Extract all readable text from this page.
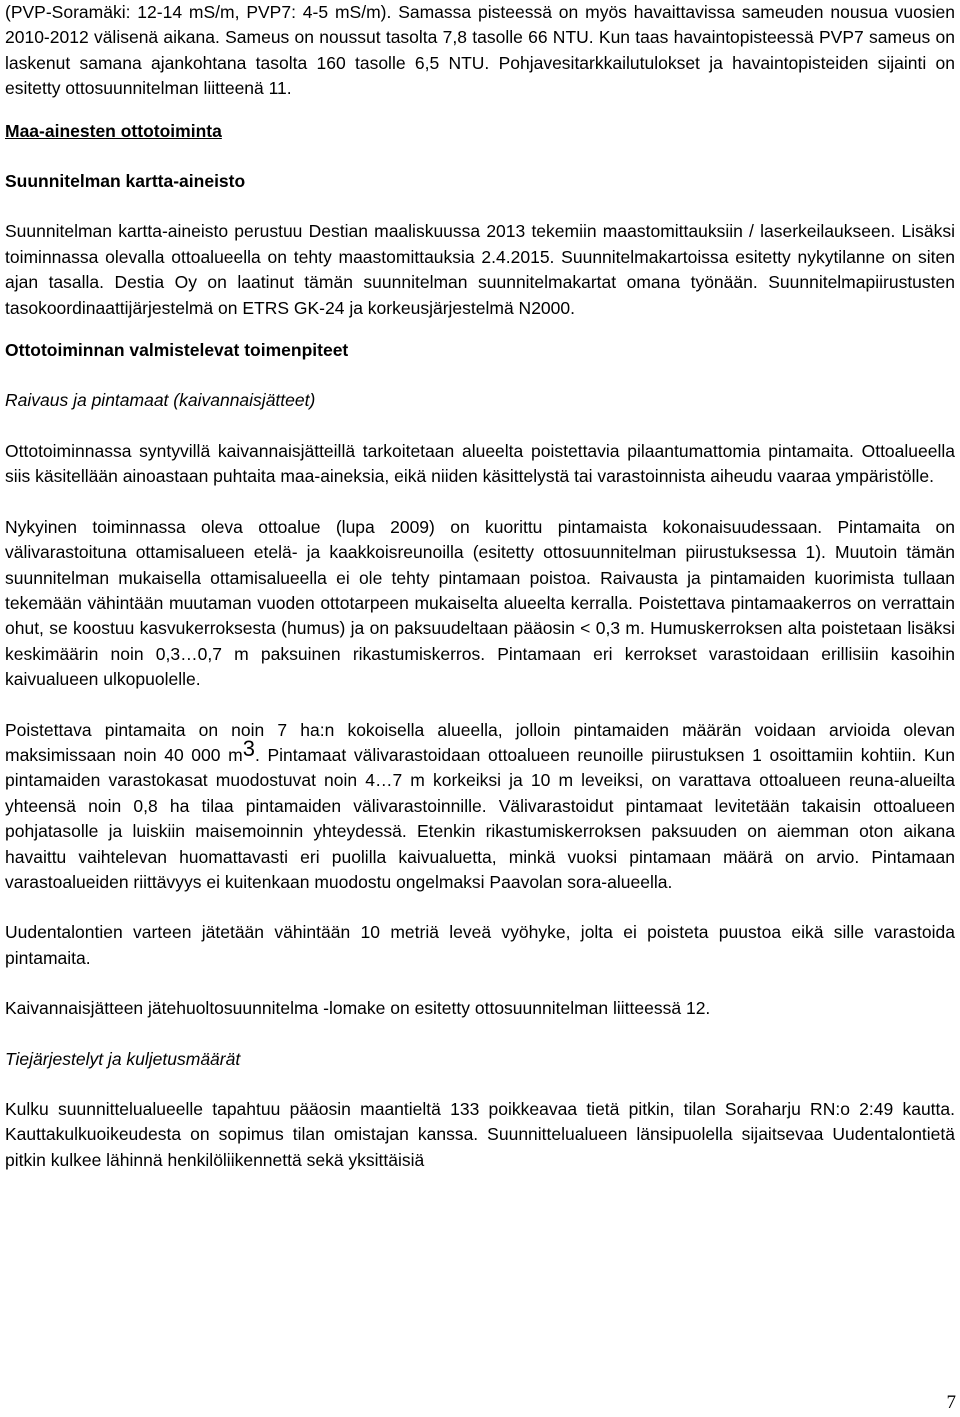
(PVP-Soramäki: 12-14 mS/m, PVP7: 4-5 mS/m). Samassa pisteessä on myös havaittavissa sameuden nousua vuosien 2010-2012 välisenä aikana. Sameus on noussut tasolta 7,8 tasolle 66 NTU. Kun taas havaintopisteessä PVP7 sameus on laskenut samana ajankohtana tasolta 160 tasolle 6,5 NTU. Pohjavesitarkkailutulokset ja havaintopisteiden sijainti on esitetty ottosuunnitelman liitteenä 11.

Maa-ainesten ottotoiminta

Suunnitelman kartta-aineisto

Suunnitelman kartta-aineisto perustuu Destian maaliskuussa 2013 tekemiin maastomittauksiin / laserkeilaukseen. Lisäksi toiminnassa olevalla ottoalueella on tehty maastomittauksia 2.4.2015. Suunnitelmakartoissa esitetty nykytilanne on siten ajan tasalla. Destia Oy on laatinut tämän suunnitelman suunnitelmakartat omana työnään. Suunnitelmapiirustusten tasokoordinaattijärjestelmä on ETRS GK-24 ja korkeusjärjestelmä N2000.

Ottotoiminnan valmistelevat toimenpiteet

Raivaus ja pintamaat (kaivannaisjätteet)

Ottotoiminnassa syntyvillä kaivannaisjätteillä tarkoitetaan alueelta poistettavia pilaantumattomia pintamaita. Ottoalueella siis käsitellään ainoastaan puhtaita maa-aineksia, eikä niiden käsittelystä tai varastoinnista aiheudu vaaraa ympäristölle.

Nykyinen toiminnassa oleva ottoalue (lupa 2009) on kuorittu pintamaista kokonaisuudessaan. Pintamaita on välivarastoituna ottamisalueen etelä- ja kaakkoisreunoilla (esitetty ottosuunnitelman piirustuksessa 1). Muutoin tämän suunnitelman mukaisella ottamisalueella ei ole tehty pintamaan poistoa. Raivausta ja pintamaiden kuorimista tullaan tekemään vähintään muutaman vuoden ottotarpeen mukaiselta alueelta kerralla. Poistettava pintamaakerros on verrattain ohut, se koostuu kasvukerroksesta (humus) ja on paksuudeltaan pääosin < 0,3 m. Humuskerroksen alta poistetaan lisäksi keskimäärin noin 0,3…0,7 m paksuinen rikastumiskerros. Pintamaan eri kerrokset varastoidaan erillisiin kasoihin kaivualueen ulkopuolelle.

Poistettava pintamaita on noin 7 ha:n kokoisella alueella, jolloin pintamaiden määrän voidaan arvioida olevan maksimissaan noin 40 000 m3. Pintamaat välivarastoidaan ottoalueen reunoille piirustuksen 1 osoittamiin kohtiin. Kun pintamaiden varastokasat muodostuvat noin 4…7 m korkeiksi ja 10 m leveiksi, on varattava ottoalueen reuna-alueilta yhteensä noin 0,8 ha tilaa pintamaiden välivarastoinnille. Välivarastoidut pintamaat levitetään takaisin ottoalueen pohjatasolle ja luiskiin maisemoinnin yhteydessä. Etenkin rikastumiskerroksen paksuuden on aiemman oton aikana havaittu vaihtelevan huomattavasti eri puolilla kaivualuetta, minkä vuoksi pintamaan määrä on arvio. Pintamaan varastoalueiden riittävyys ei kuitenkaan muodostu ongelmaksi Paavolan sora-alueella.

Uudentalontien varteen jätetään vähintään 10 metriä leveä vyöhyke, jolta ei poisteta puustoa eikä sille varastoida pintamaita.

Kaivannaisjätteen jätehuoltosuunnitelma -lomake on esitetty ottosuunnitelman liitteessä 12.

Tiejärjestelyt ja kuljetusmäärät

Kulku suunnittelualueelle tapahtuu pääosin maantieltä 133 poikkeavaa tietä pitkin, tilan Soraharju RN:o 2:49 kautta. Kauttakulkuoikeudesta on sopimus tilan omistajan kanssa. Suunnittelualueen länsipuolella sijaitsevaa Uudentalontietä pitkin kulkee lähinnä henkilöliikennettä sekä yksittäisiä

7
